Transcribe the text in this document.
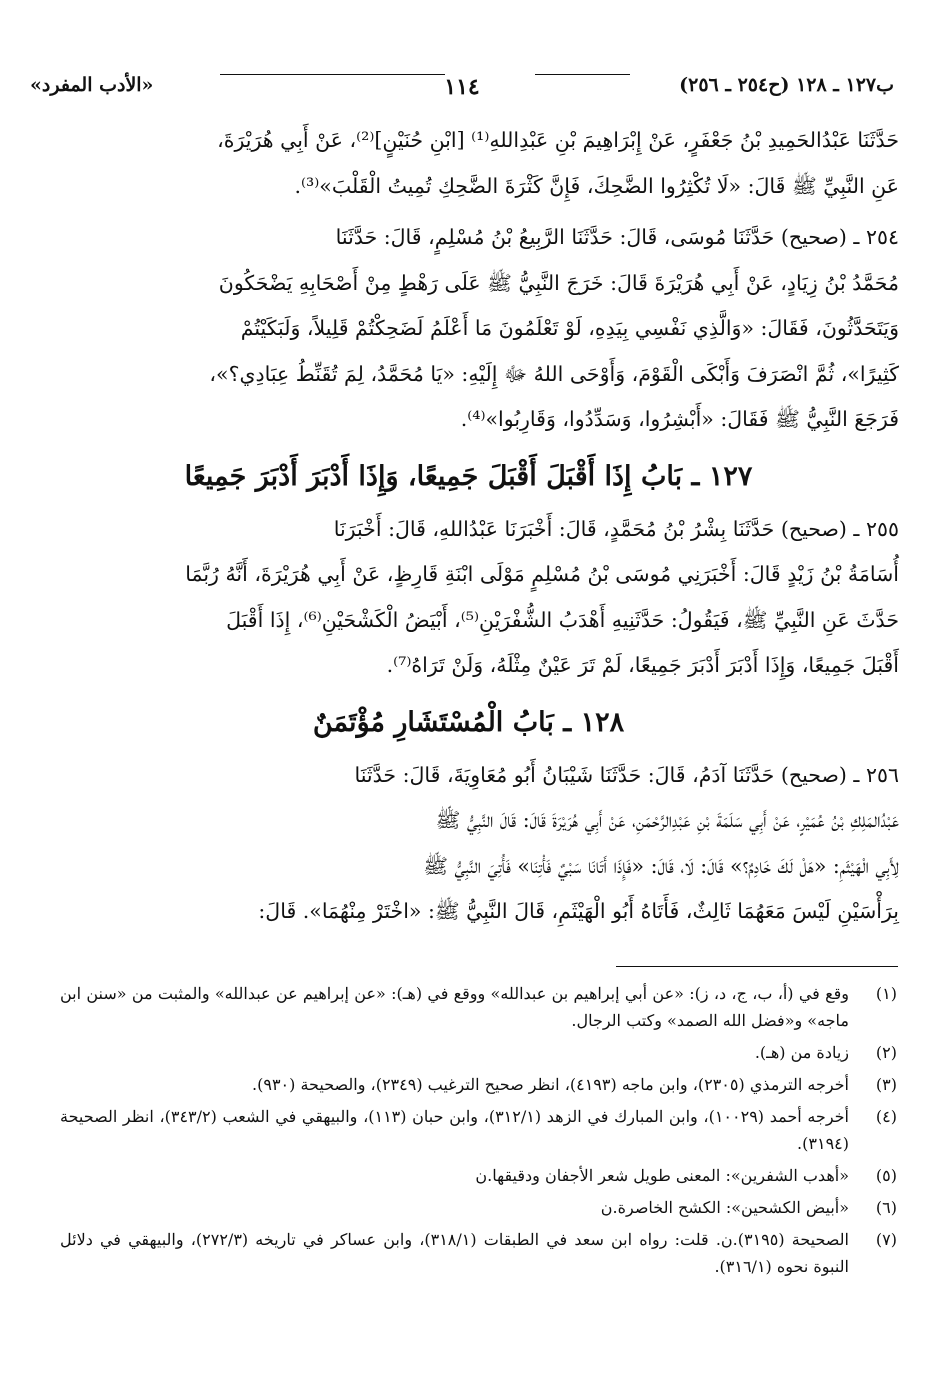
ب١٢٧ ـ ١٢٨ (ح٢٥٤ ـ ٢٥٦)
١١٤
«الأدب المفرد»

حَدَّثَنَا عَبْدُالحَمِيدِ بْنُ جَعْفَرٍ، عَنْ إِبْرَاهِيمَ بْنِ عَبْدِاللهِ⁽¹⁾ [ابْنِ حُنَيْنٍ]⁽²⁾، عَنْ أَبِي هُرَيْرَةَ،

عَنِ النَّبِيِّ ﷺ قَالَ: «لَا تُكْثِرُوا الضَّحِكَ، فَإِنَّ كَثْرَةَ الضَّحِكِ تُمِيتُ الْقَلْبَ»⁽³⁾.

٢٥٤ ـ (صحيح) حَدَّثَنَا مُوسَى، قَالَ: حَدَّثَنَا الرَّبِيعُ بْنُ مُسْلِمٍ، قَالَ: حَدَّثَنَا

مُحَمَّدُ بْنُ زِيَادٍ، عَنْ أَبِي هُرَيْرَةَ قَالَ: خَرَجَ النَّبِيُّ ﷺ عَلَى رَهْطٍ مِنْ أَصْحَابِهِ يَضْحَكُونَ

وَيَتَحَدَّثُونَ، فَقَالَ: «وَالَّذِي نَفْسِي بِيَدِهِ، لَوْ تَعْلَمُونَ مَا أَعْلَمُ لَضَحِكْتُمْ قَلِيلاً، وَلَبَكَيْتُمْ

كَثِيرًا»، ثُمَّ انْصَرَفَ وَأَبْكَى الْقَوْمَ، وَأَوْحَى اللهُ ﷻ إِلَيْهِ: «يَا مُحَمَّدُ، لِمَ تُقَنِّطُ عِبَادِي؟»،

فَرَجَعَ النَّبِيُّ ﷺ فَقَالَ: «أَبْشِرُوا، وَسَدِّدُوا، وَقَارِبُوا»⁽⁴⁾.

١٢٧ ـ بَابُ إِذَا أَقْبَلَ أَقْبَلَ جَمِيعًا، وَإِذَا أَدْبَرَ أَدْبَرَ جَمِيعًا

٢٥٥ ـ (صحيح) حَدَّثَنَا بِشْرُ بْنُ مُحَمَّدٍ، قَالَ: أَخْبَرَنَا عَبْدُاللهِ، قَالَ: أَخْبَرَنَا

أُسَامَةُ بْنُ زَيْدٍ قَالَ: أَخْبَرَنِي مُوسَى بْنُ مُسْلِمٍ مَوْلَى ابْنَةِ قَارِظٍ، عَنْ أَبِي هُرَيْرَةَ، أَنَّهُ رُبَّمَا

حَدَّثَ عَنِ النَّبِيِّ ﷺ، فَيَقُولُ: حَدَّثَنِيهِ أَهْدَبُ الشُّفْرَيْنِ⁽⁵⁾، أَبْيَضُ الْكَشْحَيْنِ⁽⁶⁾، إِذَا أَقْبَلَ

أَقْبَلَ جَمِيعًا، وَإِذَا أَدْبَرَ أَدْبَرَ جَمِيعًا، لَمْ تَرَ عَيْنٌ مِثْلَهُ، وَلَنْ تَرَاهُ⁽⁷⁾.

١٢٨ ـ بَابُ الْمُسْتَشَارِ مُؤْتَمَنٌ

٢٥٦ ـ (صحيح) حَدَّثَنَا آدَمُ، قَالَ: حَدَّثَنَا شَيْبَانُ أَبُو مُعَاوِيَةَ، قَالَ: حَدَّثَنَا

عَبْدُالمَلِكِ بْنُ عُمَيْرٍ، عَنْ أَبِي سَلَمَةَ بْنِ عَبْدِالرَّحْمَنِ، عَنْ أَبِي هُرَيْرَةَ قَالَ: قَالَ النَّبِيُّ ﷺ

لِأَبِي الْهَيْثَمِ: «هَلْ لَكَ خَادِمٌ؟» قَالَ: لَا، قَالَ: «فَإِذَا أَتَانَا سَبْيٌ فَأْتِنَا» فَأُتِيَ النَّبِيُّ ﷺ

بِرَأْسَيْنِ لَيْسَ مَعَهُمَا ثَالِثٌ، فَأَتَاهُ أَبُو الْهَيْثَمِ، قَالَ النَّبِيُّ ﷺ: «اخْتَرْ مِنْهُمَا». قَالَ:

(١)
وقع في (أ، ب، ج، د، ز): «عن أبي إبراهيم بن عبدالله» ووقع في (هـ): «عن إبراهيم عن عبدالله» والمثبت من «سنن ابن ماجه» و«فضل الله الصمد» وكتب الرجال.
(٢)
زيادة من (هـ).
(٣)
أخرجه الترمذي (٢٣٠٥)، وابن ماجه (٤١٩٣)، انظر صحيح الترغيب (٢٣٤٩)، والصحيحة (٩٣٠).
(٤)
أخرجه أحمد (١٠٠٢٩)، وابن المبارك في الزهد (٣١٢/١)، وابن حبان (١١٣)، والبيهقي في الشعب (٣٤٣/٢)، انظر الصحيحة (٣١٩٤).
(٥)
«أهدب الشفرين»: المعنى طويل شعر الأجفان ودقيقها.ن
(٦)
«أبيض الكشحين»: الكشح الخاصرة.ن
(٧)
الصحيحة (٣١٩٥).ن. قلت: رواه ابن سعد في الطبقات (٣١٨/١)، وابن عساكر في تاريخه (٢٧٢/٣)، والبيهقي في دلائل النبوة نحوه (٣١٦/١).
